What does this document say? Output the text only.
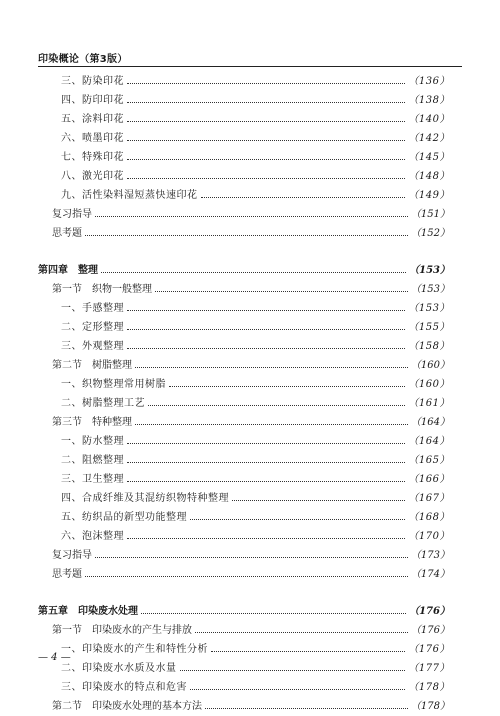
印染概论（第3版）
三、防染印花	（136）
四、防印印花	（138）
五、涂料印花	（140）
六、喷墨印花	（142）
七、特殊印花	（145）
八、激光印花	（148）
九、活性染料湿短蒸快速印花	（149）
复习指导	（151）
思考题	（152）
第四章　整理	（153）
第一节　织物一般整理	（153）
一、手感整理	（153）
二、定形整理	（155）
三、外观整理	（158）
第二节　树脂整理	（160）
一、织物整理常用树脂	（160）
二、树脂整理工艺	（161）
第三节　特种整理	（164）
一、防水整理	（164）
二、阻燃整理	（165）
三、卫生整理	（166）
四、合成纤维及其混纺织物特种整理	（167）
五、纺织品的新型功能整理	（168）
六、泡沫整理	（170）
复习指导	（173）
思考题	（174）
第五章　印染废水处理	（176）
第一节　印染废水的产生与排放	（176）
一、印染废水的产生和特性分析	（176）
二、印染废水水质及水量	（177）
三、印染废水的特点和危害	（178）
第二节　印染废水处理的基本方法	（178）
— 4 —
